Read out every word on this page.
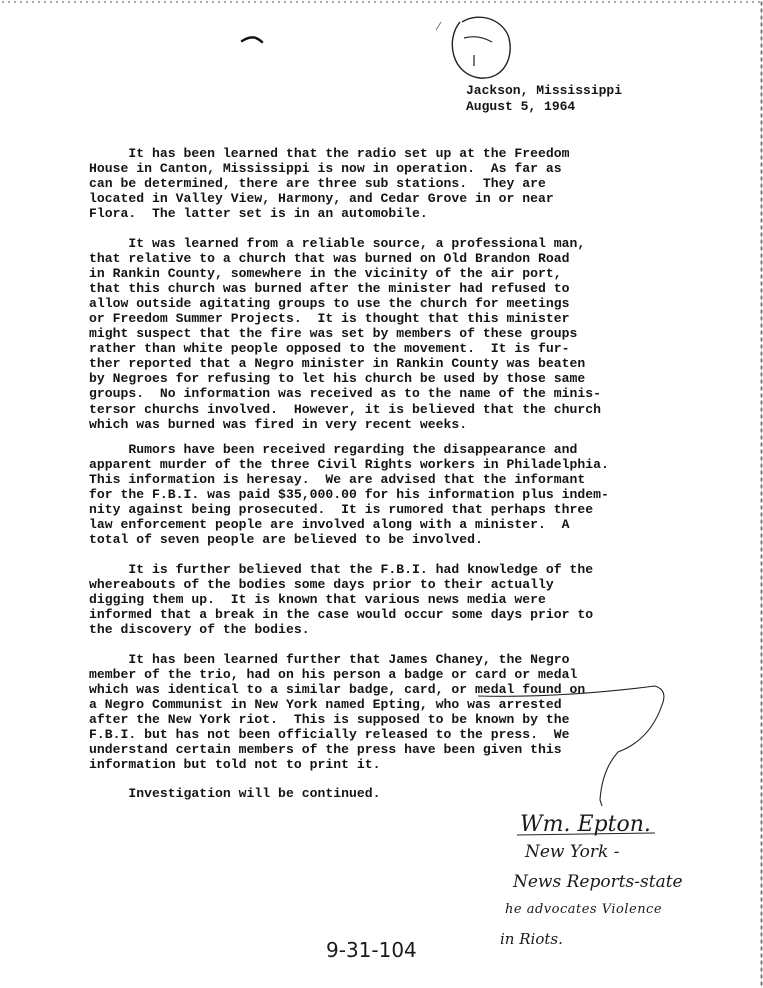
Jackson, Mississippi
August 5, 1964
It has been learned that the radio set up at the Freedom
House in Canton, Mississippi is now in operation.  As far as
can be determined, there are three sub stations.  They are
located in Valley View, Harmony, and Cedar Grove in or near
Flora.  The latter set is in an automobile.
It was learned from a reliable source, a professional man,
that relative to a church that was burned on Old Brandon Road
in Rankin County, somewhere in the vicinity of the air port,
that this church was burned after the minister had refused to
allow outside agitating groups to use the church for meetings
or Freedom Summer Projects.  It is thought that this minister
might suspect that the fire was set by members of these groups
rather than white people opposed to the movement.  It is fur-
ther reported that a Negro minister in Rankin County was beaten
by Negroes for refusing to let his church be used by those same
groups.  No information was received as to the name of the minis-
tersor churchs involved.  However, it is believed that the church
which was burned was fired in very recent weeks.
Rumors have been received regarding the disappearance and
apparent murder of the three Civil Rights workers in Philadelphia.
This information is heresay.  We are advised that the informant
for the F.B.I. was paid $35,000.00 for his information plus indem-
nity against being prosecuted.  It is rumored that perhaps three
law enforcement people are involved along with a minister.  A
total of seven people are believed to be involved.
It is further believed that the F.B.I. had knowledge of the
whereabouts of the bodies some days prior to their actually
digging them up.  It is known that various news media were
informed that a break in the case would occur some days prior to
the discovery of the bodies.
It has been learned further that James Chaney, the Negro
member of the trio, had on his person a badge or card or medal
which was identical to a similar badge, card, or medal found on
a Negro Communist in New York named Epting, who was arrested
after the New York riot.  This is supposed to be known by the
F.B.I. but has not been officially released to the press.  We
understand certain members of the press have been given this
information but told not to print it.
Investigation will be continued.
Wm. Epton.
New York -
News Reports-state
he advocates Violence
in Riots.
9-31-104
